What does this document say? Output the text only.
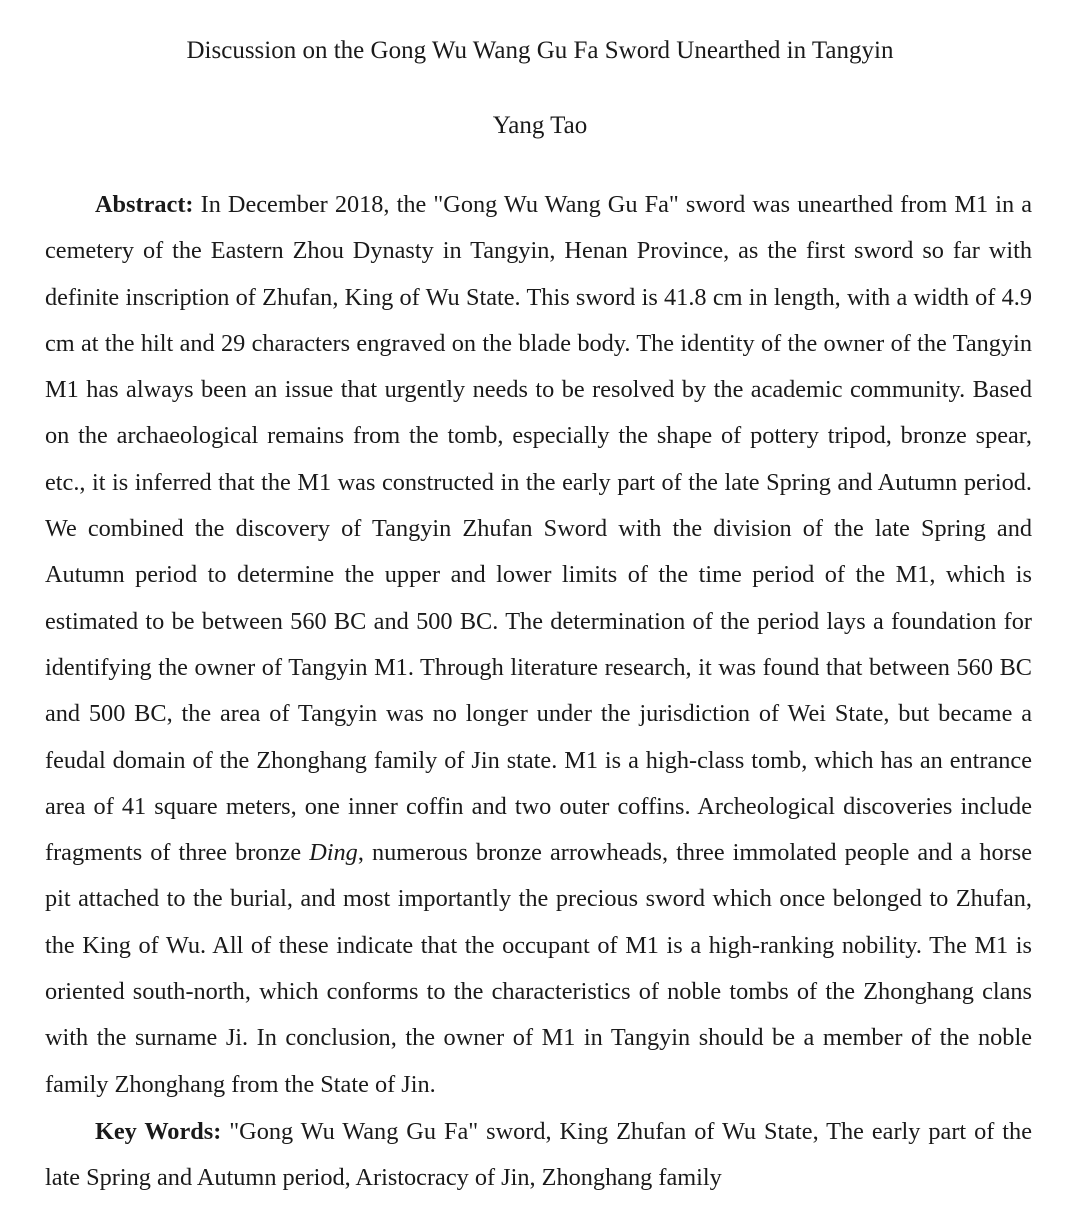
Discussion on the Gong Wu Wang Gu Fa Sword Unearthed in Tangyin
Yang Tao

Abstract: In December 2018, the "Gong Wu Wang Gu Fa" sword was unearthed from M1 in a cemetery of the Eastern Zhou Dynasty in Tangyin, Henan Province, as the first sword so far with definite inscription of Zhufan, King of Wu State. This sword is 41.8 cm in length, with a width of 4.9 cm at the hilt and 29 characters engraved on the blade body. The identity of the owner of the Tangyin M1 has always been an issue that urgently needs to be resolved by the academic community. Based on the archaeological remains from the tomb, especially the shape of pottery tripod, bronze spear, etc., it is inferred that the M1 was constructed in the early part of the late Spring and Autumn period. We combined the discovery of Tangyin Zhufan Sword with the division of the late Spring and Autumn period to determine the upper and lower limits of the time period of the M1, which is estimated to be between 560 BC and 500 BC. The determination of the period lays a foundation for identifying the owner of Tangyin M1. Through literature research, it was found that between 560 BC and 500 BC, the area of Tangyin was no longer under the jurisdiction of Wei State, but became a feudal domain of the Zhonghang family of Jin state. M1 is a high-class tomb, which has an entrance area of 41 square meters, one inner coffin and two outer coffins. Archeological discoveries include fragments of three bronze Ding, numerous bronze arrowheads, three immolated people and a horse pit attached to the burial, and most importantly the precious sword which once belonged to Zhufan, the King of Wu. All of these indicate that the occupant of M1 is a high-ranking nobility. The M1 is oriented south-north, which conforms to the characteristics of noble tombs of the Zhonghang clans with the surname Ji. In conclusion, the owner of M1 in Tangyin should be a member of the noble family Zhonghang from the State of Jin.

Key Words: "Gong Wu Wang Gu Fa" sword, King Zhufan of Wu State, The early part of the late Spring and Autumn period, Aristocracy of Jin, Zhonghang family
